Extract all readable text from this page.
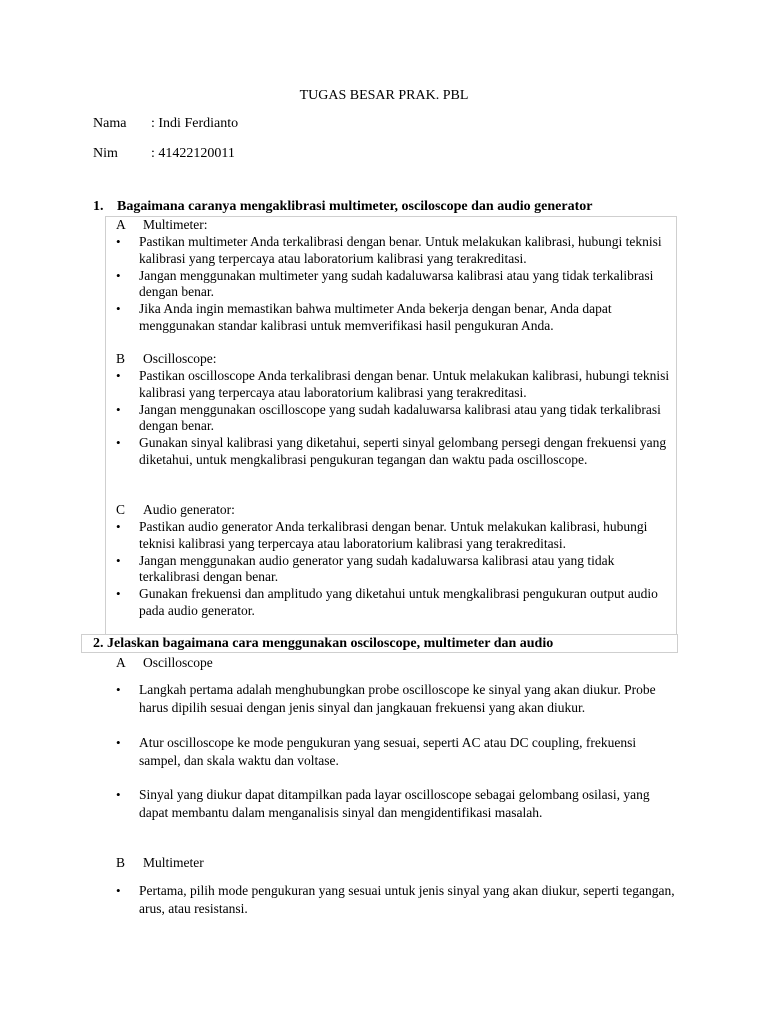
TUGAS BESAR PRAK. PBL
Nama : Indi Ferdianto
Nim : 41422120011
1. Bagaimana caranya mengaklibrasi multimeter, osciloscope dan audio generator
A Multimeter:
• Pastikan multimeter Anda terkalibrasi dengan benar. Untuk melakukan kalibrasi, hubungi teknisi kalibrasi yang terpercaya atau laboratorium kalibrasi yang terakreditasi.
• Jangan menggunakan multimeter yang sudah kadaluwarsa kalibrasi atau yang tidak terkalibrasi dengan benar.
• Jika Anda ingin memastikan bahwa multimeter Anda bekerja dengan benar, Anda dapat menggunakan standar kalibrasi untuk memverifikasi hasil pengukuran Anda.
B Oscilloscope:
• Pastikan oscilloscope Anda terkalibrasi dengan benar. Untuk melakukan kalibrasi, hubungi teknisi kalibrasi yang terpercaya atau laboratorium kalibrasi yang terakreditasi.
• Jangan menggunakan oscilloscope yang sudah kadaluwarsa kalibrasi atau yang tidak terkalibrasi dengan benar.
• Gunakan sinyal kalibrasi yang diketahui, seperti sinyal gelombang persegi dengan frekuensi yang diketahui, untuk mengkalibrasi pengukuran tegangan dan waktu pada oscilloscope.
C Audio generator:
• Pastikan audio generator Anda terkalibrasi dengan benar. Untuk melakukan kalibrasi, hubungi teknisi kalibrasi yang terpercaya atau laboratorium kalibrasi yang terakreditasi.
• Jangan menggunakan audio generator yang sudah kadaluwarsa kalibrasi atau yang tidak terkalibrasi dengan benar.
• Gunakan frekuensi dan amplitudo yang diketahui untuk mengkalibrasi pengukuran output audio pada audio generator.
2. Jelaskan bagaimana cara menggunakan osciloscope, multimeter dan audio
A Oscilloscope
• Langkah pertama adalah menghubungkan probe oscilloscope ke sinyal yang akan diukur. Probe harus dipilih sesuai dengan jenis sinyal dan jangkauan frekuensi yang akan diukur.
• Atur oscilloscope ke mode pengukuran yang sesuai, seperti AC atau DC coupling, frekuensi sampel, dan skala waktu dan voltase.
• Sinyal yang diukur dapat ditampilkan pada layar oscilloscope sebagai gelombang osilasi, yang dapat membantu dalam menganalisis sinyal dan mengidentifikasi masalah.
B Multimeter
• Pertama, pilih mode pengukuran yang sesuai untuk jenis sinyal yang akan diukur, seperti tegangan, arus, atau resistansi.
